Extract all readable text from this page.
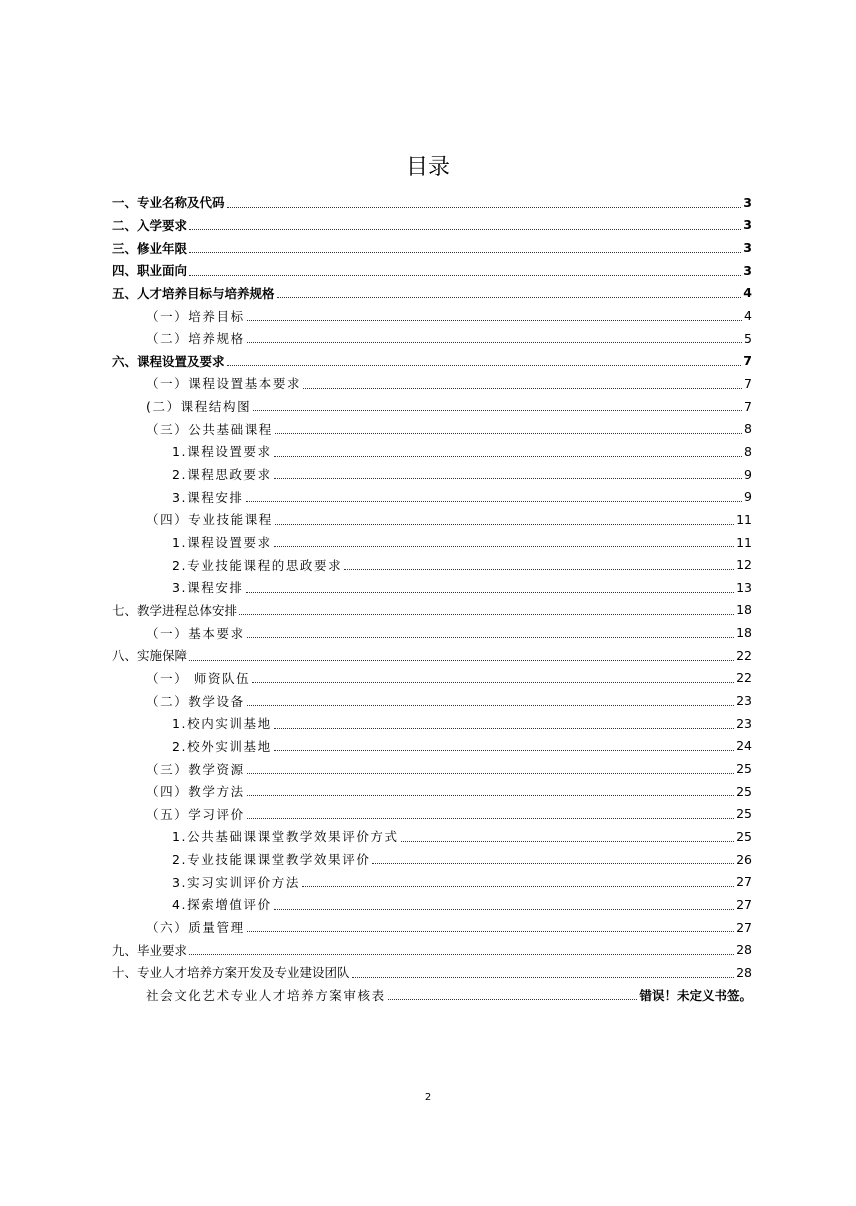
目录
一、专业名称及代码	3
二、入学要求	3
三、修业年限	3
四、职业面向	3
五、人才培养目标与培养规格	4
（一）培养目标	4
（二）培养规格	5
六、课程设置及要求	7
（一）课程设置基本要求	7
(二）课程结构图	7
（三）公共基础课程	8
1.课程设置要求	8
2.课程思政要求	9
3.课程安排	9
（四）专业技能课程	11
1.课程设置要求	11
2.专业技能课程的思政要求	12
3.课程安排	13
七、教学进程总体安排	18
（一）基本要求	18
八、实施保障	22
（一） 师资队伍	22
（二）教学设备	23
1.校内实训基地	23
2.校外实训基地	24
（三）教学资源	25
（四）教学方法	25
（五）学习评价	25
1.公共基础课课堂教学效果评价方式	25
2.专业技能课课堂教学效果评价	26
3.实习实训评价方法	27
4.探索增值评价	27
（六）质量管理	27
九、毕业要求	28
十、专业人才培养方案开发及专业建设团队	28
社会文化艺术专业人才培养方案审核表	错误！未定义书签。
2
